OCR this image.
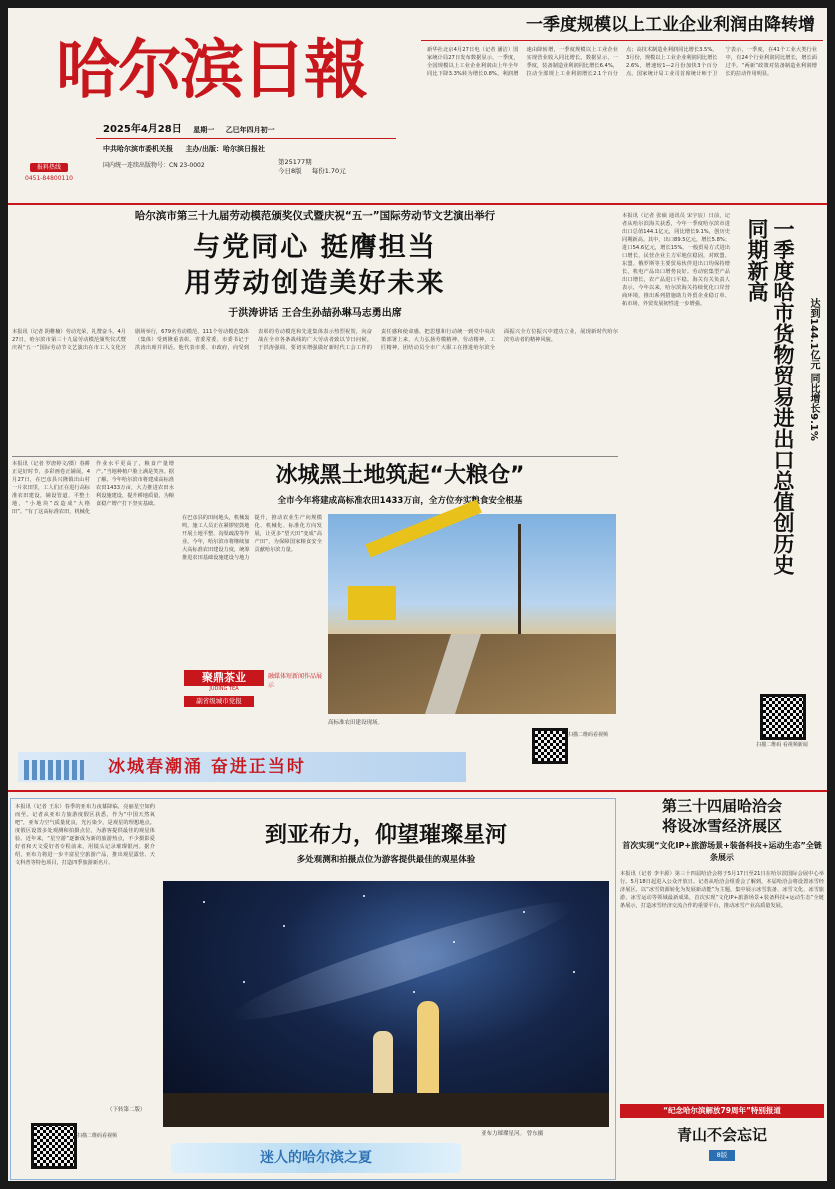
哈尔滨日報
2025年4月28日 星期一 乙巳年四月初一
中共哈尔滨市委机关报 主办/出版：哈尔滨日报社
国内统一连续出版物号：CN 23-0002	第25177期
今日8版 每份1.70元
报料热线
0451-84800110
一季度规模以上工业企业利润由降转增
新华社北京4月27日电（记者 潘洁）国家统计局27日发布数据显示，一季度，全国规模以上工业企业利润由上年全年同比下降3.3%转为增长0.8%。利润增速由降转增，一季度规模以上工业企业实现营业收入同比增长。数据显示，一季度，装备制造业利润同比增长6.4%，拉动全部规上工业利润增长2.1个百分点；高技术制造业利润同比增长3.5%。3月份，规模以上工业企业利润同比增长2.6%，增速较1—2月份加快3个百分点。国家统计局工业司首席统计师于卫宁表示，一季度，在41个工业大类行业中，有24个行业利润同比增长，增长面过半。“两新”政策对装备制造业利润增长的拉动作用明显。
哈尔滨市第三十九届劳动模范颁奖仪式暨庆祝“五一”国际劳动节文艺演出举行
与党同心 挺膺担当
用劳动创造美好未来
于洪涛讲话 王合生孙喆孙琳马志勇出席
本报讯（记者 阴稚楠）劳动光荣，礼赞奋斗。4月27日，哈尔滨市第三十九届劳动模范颁奖仪式暨庆祝“五一”国际劳动节文艺演出在市工人文化宫剧场举行，679名劳动模范、111个劳动模范集体（集体）受到隆重表彰。省委常委、市委书记于洪涛出席并讲话。他代表市委、市政府，向受到表彰的劳动模范和先进集体表示热烈祝贺，向奋战在全市各条战线的广大劳动者致以节日问候。于洪涛强调，要切实增强做好新时代工会工作的责任感和使命感，把思想和行动统一到党中央决策部署上来，大力弘扬劳模精神、劳动精神、工匠精神，团结动员全市广大职工在推进哈尔滨全面振兴全方位振兴中建功立业，展现新时代哈尔滨劳动者的精神风貌。
本报讯（记者 罗唐婷文/摄）春耕正是好时节，多彩画卷正铺展。4月27日，在巴彦县兴隆镇出山村一片农田里，工人们正在进行高标准农田建设，铺设管道、平整土地，“小地块”改造成“大格田”。“有了这高标准农田，机械化作业水平更高了，粮食产量增产。”当地种植户脸上满是笑容。据了解，今年哈尔滨市将建成高标准农田1433万亩，大力推进农田水利设施建设，提升耕地质量，为粮食稳产增产打下坚实基础。
冰城黑土地筑起“大粮仓”
全市今年将建成高标准农田1433万亩，全方位夯实粮食安全根基
在巴彦县的田间地头，机械轰鸣，施工人员正在紧锣密鼓地开展土地平整、沟渠疏浚等作业。今年，哈尔滨市将继续加大高标准农田建设力度，统筹推进农田基础设施建设与地力提升，推动农业生产向规模化、机械化、标准化方向发展，让更多“望天田”变成“高产田”，为保障国家粮食安全贡献哈尔滨力量。
高标准农田建设现场。
聚鼎茶业
JUDING TEA
副省级城市党报
融媒体短新闻作品展示
扫描二维码看视频
冰城春潮涌 奋进正当时
本报讯（记者 张硕 通讯员 宋宇宸）日前，记者从哈尔滨海关获悉，今年一季度哈尔滨市进出口总值144.1亿元，同比增长9.1%，创历史同期新高。其中，出口89.5亿元，增长5.8%；进口54.6亿元，增长15%。一般贸易方式进出口增长，民营企业主力军地位稳固，对欧盟、东盟、俄罗斯等主要贸易伙伴进出口均保持增长，机电产品出口增势良好。劳动密集型产品出口增长，农产品进口平稳。海关有关负责人表示，今年以来，哈尔滨海关持续优化口岸营商环境，推出系列措施助力外贸企业稳订单、拓市场，外贸发展韧性进一步增强。	一季度哈市货物贸易进出口总值创历史同期新高
达到144.1亿元 同比增长9.1%
扫描二维码 看视频新闻
本报讯（记者 王东）春季的亚布力夜幕降临，亮丽星空如约而至。记者从亚布力旅游度假区获悉，作为“中国天然氧吧”，亚布力空气质量优良，光污染少，是观星的理想地点。度假区设置多处观测和拍摄点位，为游客提供最佳的观星体验。近年来，“星空游”逐渐成为新的旅游热点，不少摄影爱好者和天文爱好者专程前来，用镜头记录璀璨银河。据介绍，亚布力将进一步丰富星空旅游产品，推出观星露营、天文科普等特色项目，打造四季旅游新名片。
（下转第二版）
扫描二维码看视频
到亚布力，仰望璀璨星河
多处观测和拍摄点位为游客提供最佳的观星体验
亚布力璀璨星河。 曾东摄
迷人的哈尔滨之夏
第三十四届哈洽会
将设冰雪经济展区
首次实现“文化IP+旅游场景+装备科技+运动生态”全链条展示
本报讯（记者 李丰源）第三十四届哈洽会将于5月17日至21日在哈尔滨国际会展中心举行。5月18日起进入公众开放日。记者从哈洽会组委会了解到，本届哈洽会将设置冰雪经济展区，以“冰雪资源转化为发展新动能”为主题，集中展示冰雪装备、冰雪文化、冰雪旅游、冰雪运动等领域最新成果，首次实现“文化IP+旅游场景+装备科技+运动生态”全链条展示，打造冰雪经济交流合作的重要平台，推动冰雪产业高质量发展。
“纪念哈尔滨解放79周年”特别报道
青山不会忘记
8版
